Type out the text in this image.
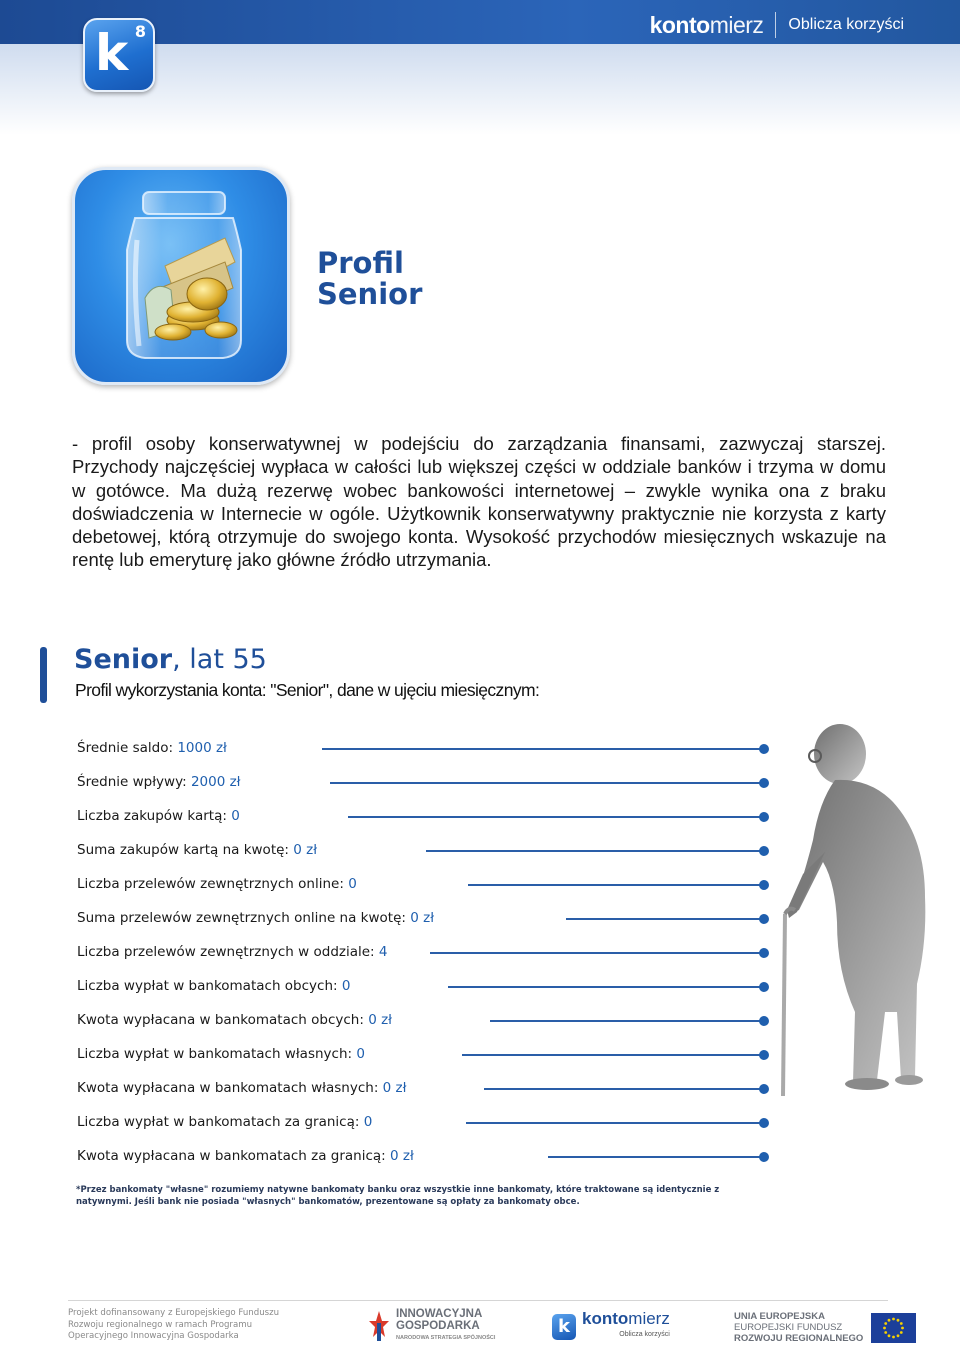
k 8	kontomierz Oblicza korzyści
Profil
Senior
- profil osoby konserwatywnej w podejściu do zarządzania finansami, zazwyczaj starszej. Przychody najczęściej wypłaca w całości lub większej części w oddziale banków i trzyma w domu w gotówce. Ma dużą rezerwę wobec bankowości internetowej – zwykle wynika ona z braku doświadczenia w Internecie w ogóle. Użytkownik konserwatywny praktycznie nie korzysta z karty debetowej, którą otrzymuje do swojego konta. Wysokość przychodów miesięcznych wskazuje na rentę lub emeryturę jako główne źródło utrzymania.
Senior, lat 55
Profil wykorzystania konta: "Senior", dane w ujęciu miesięcznym:
Średnie saldo: 1000 zł
Średnie wpływy: 2000 zł
Liczba zakupów kartą: 0
Suma zakupów kartą na kwotę: 0 zł
Liczba przelewów zewnętrznych online: 0
Suma przelewów zewnętrznych online na kwotę: 0 zł
Liczba przelewów zewnętrznych w oddziale: 4
Liczba wypłat w bankomatach obcych: 0
Kwota wypłacana w bankomatach obcych: 0 zł
Liczba wypłat w bankomatach własnych: 0
Kwota wypłacana w bankomatach własnych: 0 zł
Liczba wypłat w bankomatach za granicą: 0
Kwota wypłacana w bankomatach za granicą: 0 zł
*Przez bankomaty "własne" rozumiemy natywne bankomaty banku oraz wszystkie inne bankomaty, które traktowane są identycznie z natywnymi. Jeśli bank nie posiada "własnych" bankomatów, prezentowane są opłaty za bankomaty obce.
Projekt dofinansowany z Europejskiego Funduszu Rozwoju regionalnego w ramach Programu Operacyjnego Innowacyjna Gospodarka
INNOWACYJNA
GOSPODARKA
NARODOWA STRATEGIA SPÓJNOŚCI
k kontomierz
Oblicza korzyści
UNIA EUROPEJSKA
EUROPEJSKI FUNDUSZ
ROZWOJU REGIONALNEGO
